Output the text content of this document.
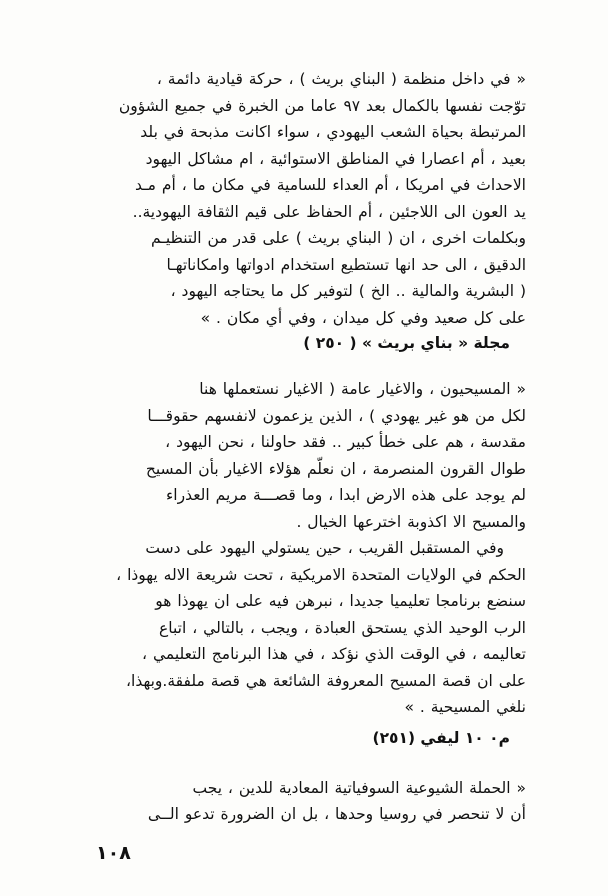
« في داخل منظمة ( البناي بريث ) ، حركة قيادية دائمة ،
توّجت نفسها بالكمال بعد ٩٧ عاما من الخبرة في جميع الشؤون
المرتبطة بحياة الشعب اليهودي ، سواء اكانت مذبحة في بلد
بعيد ، أم اعصارا في المناطق الاستوائية ، ام مشاكل اليهود
الاحداث في امريكا ، أم العداء للسامية في مكان ما ، أم مـد
يد العون الى اللاجئين ، أم الحفاظ على قيم الثقافة اليهودية..
وبكلمات اخرى ، ان ( البناي بريث ) على قدر من التنظيـم
الدقيق ، الى حد انها تستطيع استخدام ادواتها وامكاناتهـا
( البشرية والمالية .. الخ ) لتوفير كل ما يحتاجه اليهود ،
على كل صعيد وفي كل ميدان ، وفي أي مكان . »

مجلة « بناي بريث » ( ٢٥٠ )

« المسيحيون ، والاغيار عامة ( الاغيار نستعملها هنا
لكل من هو غير يهودي ) ، الذين يزعمون لانفسهم حقوقـــا
مقدسة ، هم على خطأ كبير .. فقد حاولنا ، نحن اليهود ،
طوال القرون المنصرمة ، ان نعلّم هؤلاء الاغيار بأن المسيح
لم يوجد على هذه الارض ابدا ، وما قصـــة مريم العذراء
والمسيح الا اكذوبة اخترعها الخيال .
وفي المستقبل القريب ، حين يستولي اليهود على دست
الحكم في الولايات المتحدة الامريكية ، تحت شريعة الاله يهوذا ،
سنضع برنامجا تعليميا جديدا ، نبرهن فيه على ان يهوذا هو
الرب الوحيد الذي يستحق العبادة ، ويجب ، بالتالي ، اتباع
تعاليمه ، في الوقت الذي نؤكد ، في هذا البرنامج التعليمي ،
على ان قصة المسيح المعروفة الشائعة هي قصة ملفقة.وبهذا،
نلغي المسيحية . »

م٠ ١٠ ليفي (٢٥١)

« الحملة الشيوعية السوفياتية المعادية للدين ، يجب
أن لا تنحصر في روسيا وحدها ، بل ان الضرورة تدعو الــى
١٠٨
